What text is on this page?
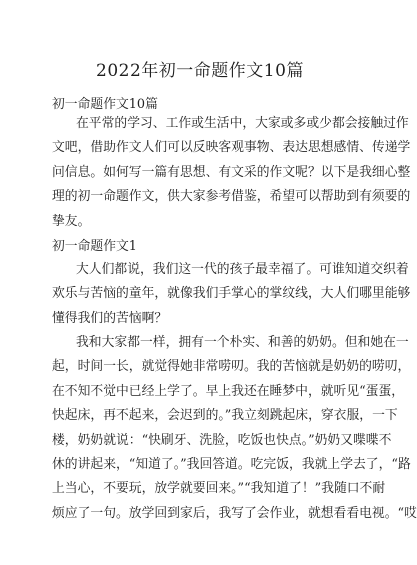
2022年初一命题作文10篇
初一命题作文10篇
在平常的学习、工作或生活中，大家或多或少都会接触过作
文吧，借助作文人们可以反映客观事物、表达思想感情、传递学
问信息。如何写一篇有思想、有文采的作文呢？以下是我细心整
理的初一命题作文，供大家参考借鉴，希望可以帮助到有须要的
挚友。
初一命题作文1
大人们都说，我们这一代的孩子最幸福了。可谁知道交织着
欢乐与苦恼的童年，就像我们手掌心的掌纹线，大人们哪里能够
懂得我们的苦恼啊？
我和大家都一样，拥有一个朴实、和善的奶奶。但和她在一
起，时间一长，就觉得她非常唠叨。我的苦恼就是奶奶的唠叨，
在不知不觉中已经上学了。早上我还在睡梦中，就听见“蛋蛋，
快起床，再不起来，会迟到的。”我立刻跳起床，穿衣服，一下
楼，奶奶就说：“快刷牙、洗脸，吃饭也快点。”奶奶又喋喋不
休的讲起来，“知道了。”我回答道。吃完饭，我就上学去了，“路
上当心，不要玩，放学就要回来。”“我知道了！”我随口不耐
烦应了一句。放学回到家后，我写了会作业，就想看看电视。“哎
